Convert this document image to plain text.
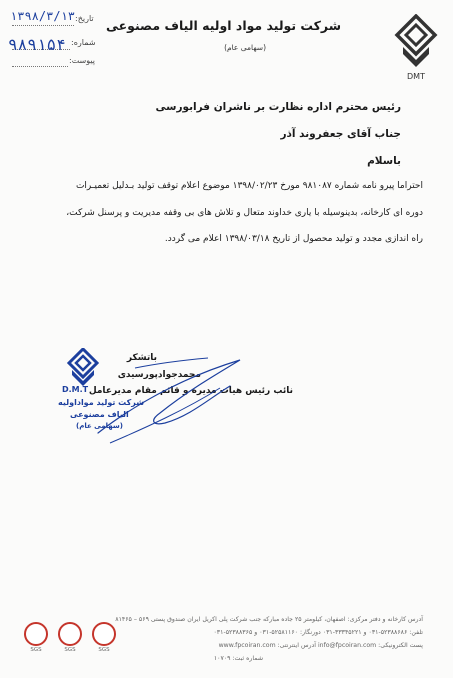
DMT
شرکت تولید مواد اولیه الیاف مصنوعی
(سهامی عام)
تاریخ:
شماره:
پیوست:
۱۳۹۸/۳/۱۳
۹۸۹۱۵۴
رئیس محترم اداره نظارت بر ناشران فرابورسی
جناب آقای جعفروند آذر
باسلام
احتراما پیرو نامه شماره ۹۸۱۰۸۷ مورخ ۱۳۹۸/۰۲/۲۳ موضوع اعلام توقف تولید بـدلیل تعمیـرات
دوره ای کارخانه، بدینوسیله با یاری خداوند متعال و تلاش های بی وقفه مدیریت و پرسنل شرکت،
راه اندازی مجدد و تولید محصول از تاریخ ۱۳۹۸/۰۳/۱۸ اعلام می گردد.
D.M.T
شرکت تولید مواداولیه
الیاف مصنوعی
(سهامی عام)
باتشکر
محمدجوادپورسیدی
نائب رئیس هیات مدیره و قائم مقام مدیرعامل
SGS	SGS	SGS
آدرس کارخانه و دفتر مرکزی: اصفهان، کیلومتر ۲۵ جاده مبارکه جنب شرکت پلی اکریل ایران صندوق پستی ۵۶۹ – ۸۱۴۶۵
تلفن: ۵۲۳۸۸۶۸۶-۰۳۱ و ۳۳۳۴۵۲۲۱-۰۳۱ دورنگار: ۵۲۵۸۱۱۶۰-۰۳۱ و ۵۲۳۸۸۳۶۵-۰۳۱
پست الکترونیکی: info@fpcoiran.com آدرس اینترنتی: www.fpcoiran.com
شماره ثبت: ۱۰۷۰۹
